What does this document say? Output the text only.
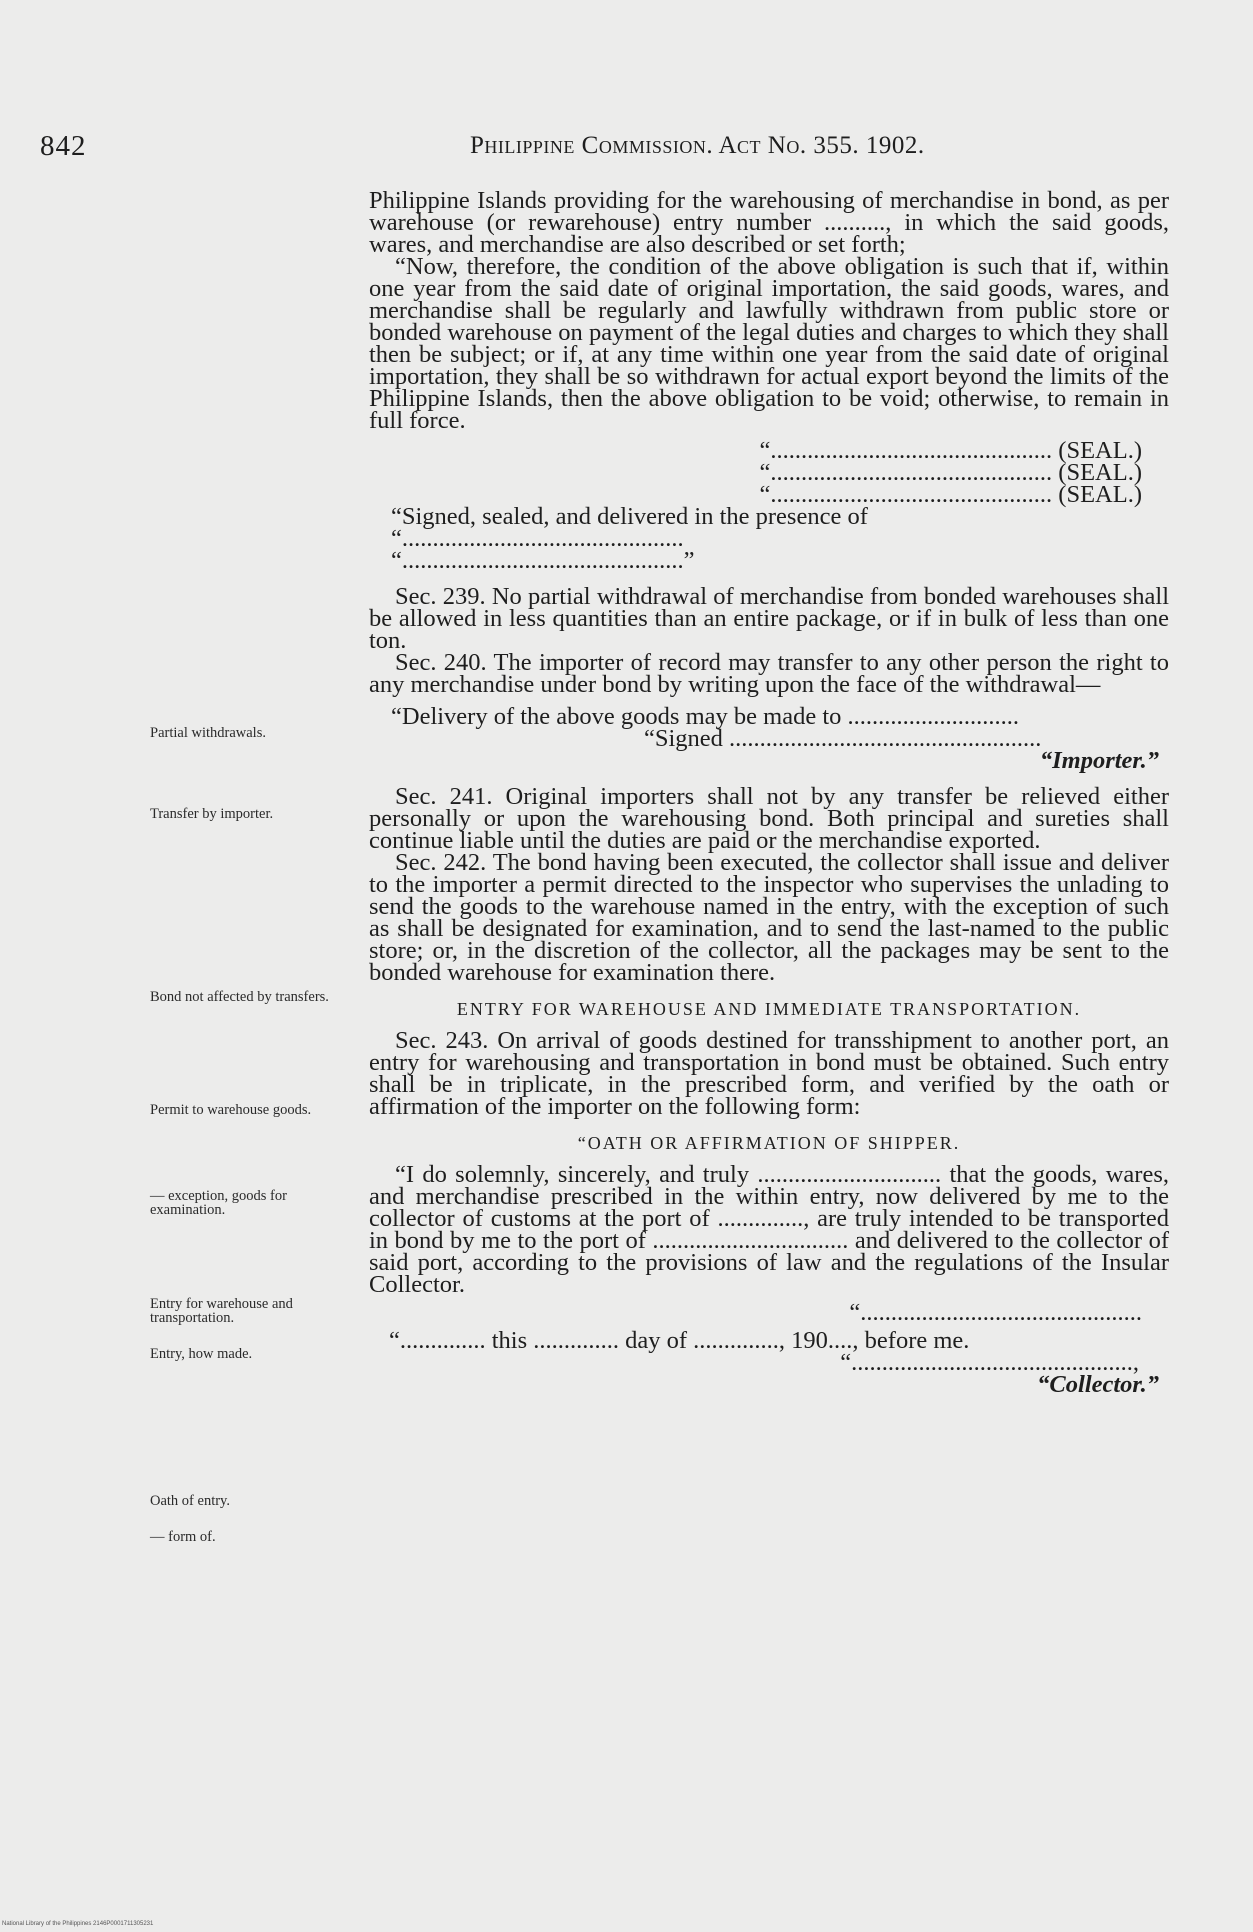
842	Philippine Commission. Act No. 355. 1902.
Partial withdrawals.
Transfer by importer.
Bond not affected by transfers.
Permit to warehouse goods.
— exception, goods for examination.
Entry for warehouse and transportation.
Entry, how made.
Oath of entry.
— form of.

Philippine Islands providing for the warehousing of merchandise in bond, as per warehouse (or rewarehouse) entry number .........., in which the said goods, wares, and merchandise are also described or set forth;

“Now, therefore, the condition of the above obligation is such that if, within one year from the said date of original importation, the said goods, wares, and merchandise shall be regularly and lawfully withdrawn from public store or bonded warehouse on payment of the legal duties and charges to which they shall then be subject; or if, at any time within one year from the said date of original importation, they shall be so withdrawn for actual export beyond the limits of the Philippine Islands, then the above obligation to be void; otherwise, to remain in full force.

“.............................................. (SEAL.)
“.............................................. (SEAL.)
“.............................................. (SEAL.)
“Signed, sealed, and delivered in the presence of
“..............................................
“..............................................”

Sec. 239. No partial withdrawal of merchandise from bonded warehouses shall be allowed in less quantities than an entire package, or if in bulk of less than one ton.

Sec. 240. The importer of record may transfer to any other person the right to any merchandise under bond by writing upon the face of the withdrawal—

“Delivery of the above goods may be made to ............................
“Signed ...................................................
“Importer.”

Sec. 241. Original importers shall not by any transfer be relieved either personally or upon the warehousing bond. Both principal and sureties shall continue liable until the duties are paid or the merchandise exported.

Sec. 242. The bond having been executed, the collector shall issue and deliver to the importer a permit directed to the inspector who supervises the unlading to send the goods to the warehouse named in the entry, with the exception of such as shall be designated for examination, and to send the last-named to the public store; or, in the discretion of the collector, all the packages may be sent to the bonded warehouse for examination there.

ENTRY FOR WAREHOUSE AND IMMEDIATE TRANSPORTATION.

Sec. 243. On arrival of goods destined for transshipment to another port, an entry for warehousing and transportation in bond must be obtained. Such entry shall be in triplicate, in the prescribed form, and verified by the oath or affirmation of the importer on the following form:

“OATH OR AFFIRMATION OF SHIPPER.

“I do solemnly, sincerely, and truly .............................. that the goods, wares, and merchandise prescribed in the within entry, now delivered by me to the collector of customs at the port of .............., are truly intended to be transported in bond by me to the port of ................................ and delivered to the collector of said port, according to the provisions of law and the regulations of the Insular Collector.

“..............................................
“.............. this .............. day of .............., 190...., before me.
“..............................................,
“Collector.”
National Library of the Philippines 2146P0001711305231
